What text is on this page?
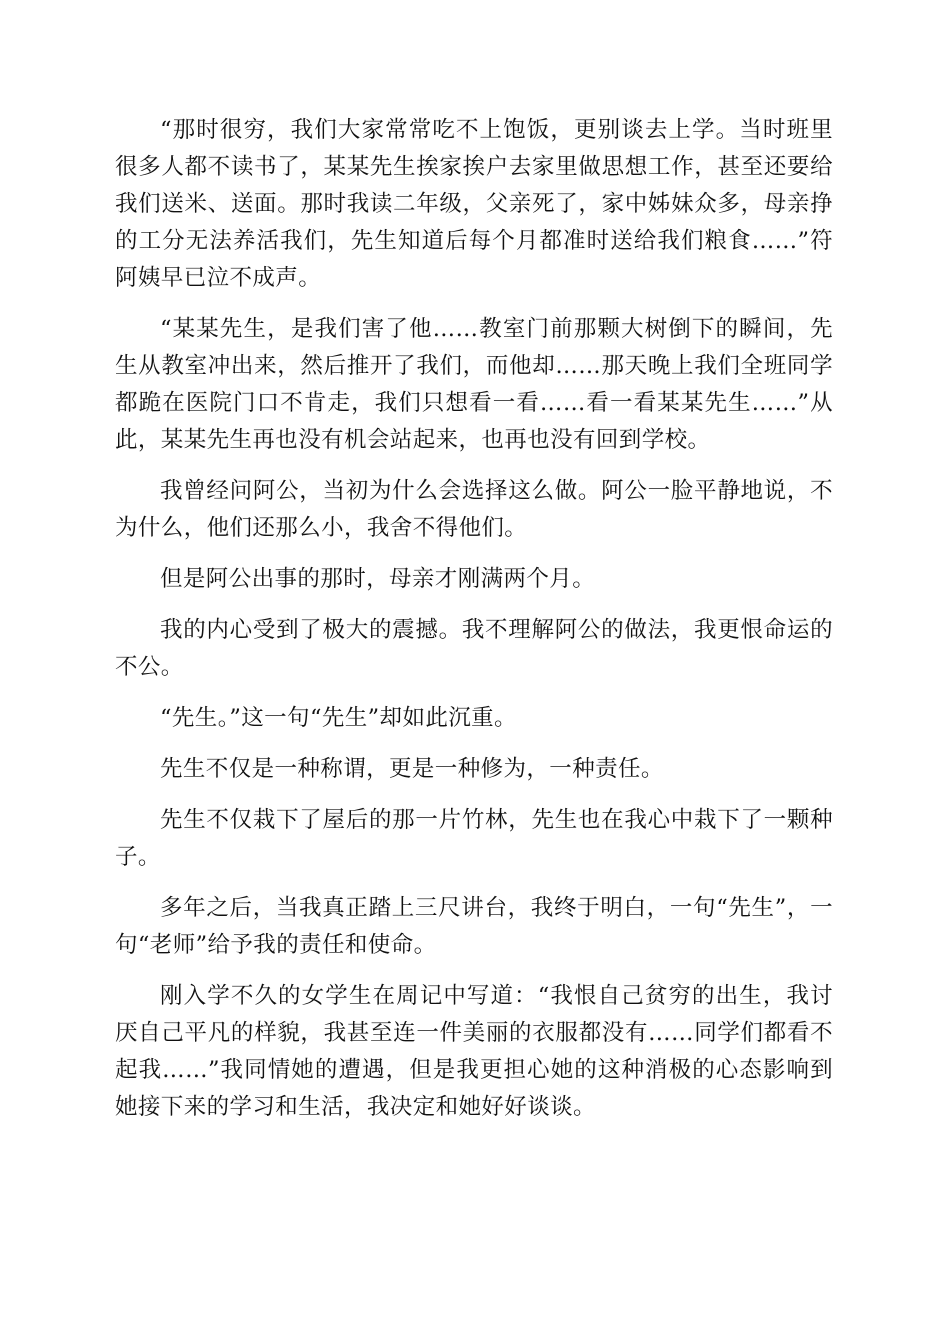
“那时很穷，我们大家常常吃不上饱饭，更别谈去上学。当时班里很多人都不读书了，某某先生挨家挨户去家里做思想工作，甚至还要给我们送米、送面。那时我读二年级，父亲死了，家中姊妹众多，母亲挣的工分无法养活我们，先生知道后每个月都准时送给我们粮食……”符阿姨早已泣不成声。

“某某先生，是我们害了他……教室门前那颗大树倒下的瞬间，先生从教室冲出来，然后推开了我们，而他却……那天晚上我们全班同学都跪在医院门口不肯走，我们只想看一看……看一看某某先生……”从此，某某先生再也没有机会站起来，也再也没有回到学校。

我曾经问阿公，当初为什么会选择这么做。阿公一脸平静地说，不为什么，他们还那么小，我舍不得他们。

但是阿公出事的那时，母亲才刚满两个月。

我的内心受到了极大的震撼。我不理解阿公的做法，我更恨命运的不公。

“先生。”这一句“先生”却如此沉重。

先生不仅是一种称谓，更是一种修为，一种责任。

先生不仅栽下了屋后的那一片竹林，先生也在我心中栽下了一颗种子。

多年之后，当我真正踏上三尺讲台，我终于明白，一句“先生”，一句“老师”给予我的责任和使命。

刚入学不久的女学生在周记中写道：“我恨自己贫穷的出生，我讨厌自己平凡的样貌，我甚至连一件美丽的衣服都没有……同学们都看不起我……”我同情她的遭遇，但是我更担心她的这种消极的心态影响到她接下来的学习和生活，我决定和她好好谈谈。
